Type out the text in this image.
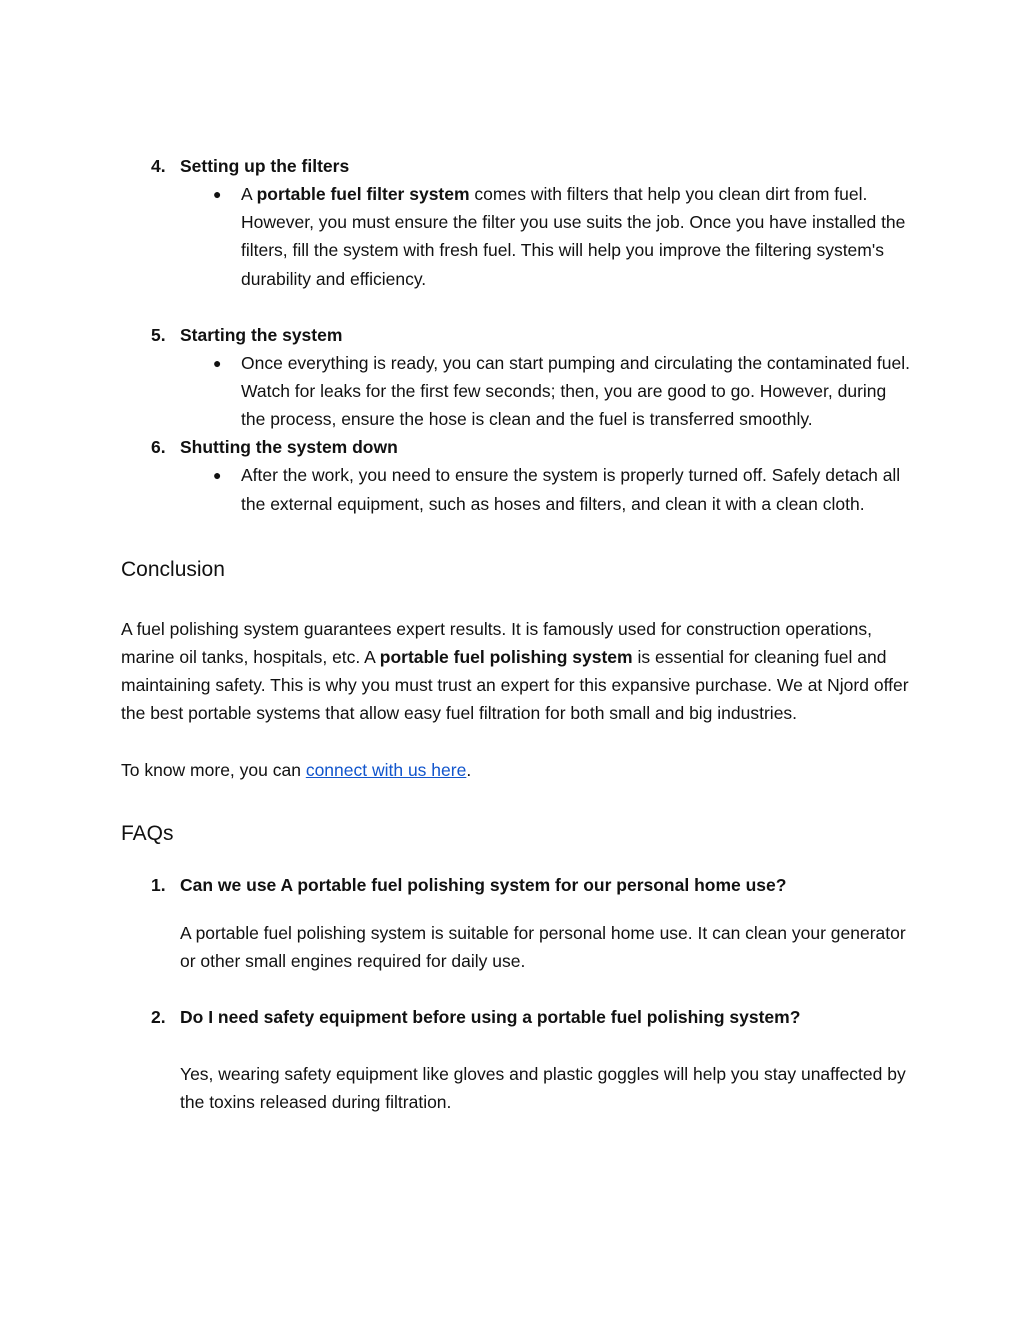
4. Setting up the filters
● A portable fuel filter system comes with filters that help you clean dirt from fuel. However, you must ensure the filter you use suits the job. Once you have installed the filters, fill the system with fresh fuel. This will help you improve the filtering system's durability and efficiency.
5. Starting the system
● Once everything is ready, you can start pumping and circulating the contaminated fuel. Watch for leaks for the first few seconds; then, you are good to go. However, during the process, ensure the hose is clean and the fuel is transferred smoothly.
6. Shutting the system down
● After the work, you need to ensure the system is properly turned off. Safely detach all the external equipment, such as hoses and filters, and clean it with a clean cloth.
Conclusion

A fuel polishing system guarantees expert results. It is famously used for construction operations, marine oil tanks, hospitals, etc. A portable fuel polishing system is essential for cleaning fuel and maintaining safety. This is why you must trust an expert for this expansive purchase. We at Njord offer the best portable systems that allow easy fuel filtration for both small and big industries.

To know more, you can connect with us here.

FAQs
1. Can we use A portable fuel polishing system for our personal home use?
A portable fuel polishing system is suitable for personal home use. It can clean your generator or other small engines required for daily use.
2. Do I need safety equipment before using a portable fuel polishing system?
Yes, wearing safety equipment like gloves and plastic goggles will help you stay unaffected by the toxins released during filtration.
